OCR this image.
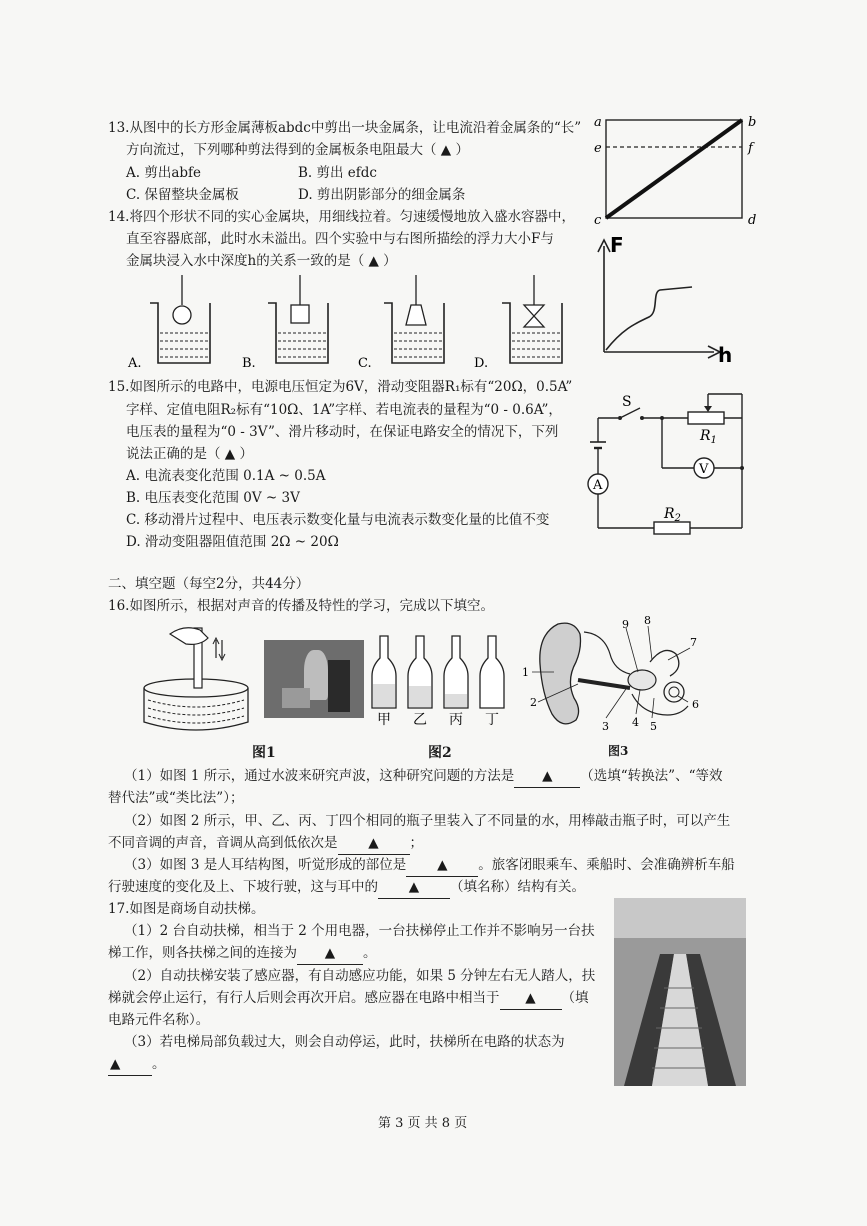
13.从图中的长方形金属薄板abdc中剪出一块金属条，让电流沿着金属条的“长”
方向流过，下列哪种剪法得到的金属板条电阻最大（ ▲ ）
A. 剪出abfe	B. 剪出 efdc
C. 保留整块金属板	D. 剪出阴影部分的细金属条
a	b
e	f
c	d
14.将四个形状不同的实心金属块，用细线拉着。匀速缓慢地放入盛水容器中，
直至容器底部，此时水未溢出。四个实验中与右图所描绘的浮力大小F与
金属块浸入水中深度h的关系一致的是（ ▲ ）
A.	B.	C.	D.
F
h
15.如图所示的电路中，电源电压恒定为6V，滑动变阻器R₁标有“20Ω，0.5A”
字样、定值电阻R₂标有“10Ω、1A”字样、若电流表的量程为“0 - 0.6A”，
电压表的量程为“0 - 3V”、滑片移动时，在保证电路安全的情况下，下列
说法正确的是（ ▲ ）
A. 电流表变化范围 0.1A ~ 0.5A
B. 电压表变化范围 0V ~ 3V
C. 移动滑片过程中、电压表示数变化量与电流表示数变化量的比值不变
D. 滑动变阻器阻值范围 2Ω ~ 20Ω
S
$R_1$
V
A
$R_2$
二、填空题（每空2分，共44分）
16.如图所示，根据对声音的传播及特性的学习，完成以下填空。
图1
甲 乙 丙 丁
图2
1
2
3 4 5
6
7
8
9
图3
（1）如图 1 所示，通过水波来研究声波，这种研究问题的方法是 ▲ （选填“转换法”、“等效
替代法”或“类比法”）；
（2）如图 2 所示，甲、乙、丙、丁四个相同的瓶子里装入了不同量的水，用棒敲击瓶子时，可以产生
不同音调的声音，音调从高到低依次是 ▲ ；
（3）如图 3 是人耳结构图，听觉形成的部位是 ▲ 。旅客闭眼乘车、乘船时、会准确辨析车船
行驶速度的变化及上、下坡行驶，这与耳中的 ▲ （填名称）结构有关。
17.如图是商场自动扶梯。
（1）2 台自动扶梯，相当于 2 个用电器，一台扶梯停止工作并不影响另一台扶
梯工作，则各扶梯之间的连接为 ▲ 。
（2）自动扶梯安装了感应器，有自动感应功能，如果 5 分钟左右无人踏人，扶
梯就会停止运行，有行人后则会再次开启。感应器在电路中相当于 ▲ （填
电路元件名称）。
（3）若电梯局部负载过大，则会自动停运，此时，扶梯所在电路的状态为
▲ 。
第 3 页 共 8 页
